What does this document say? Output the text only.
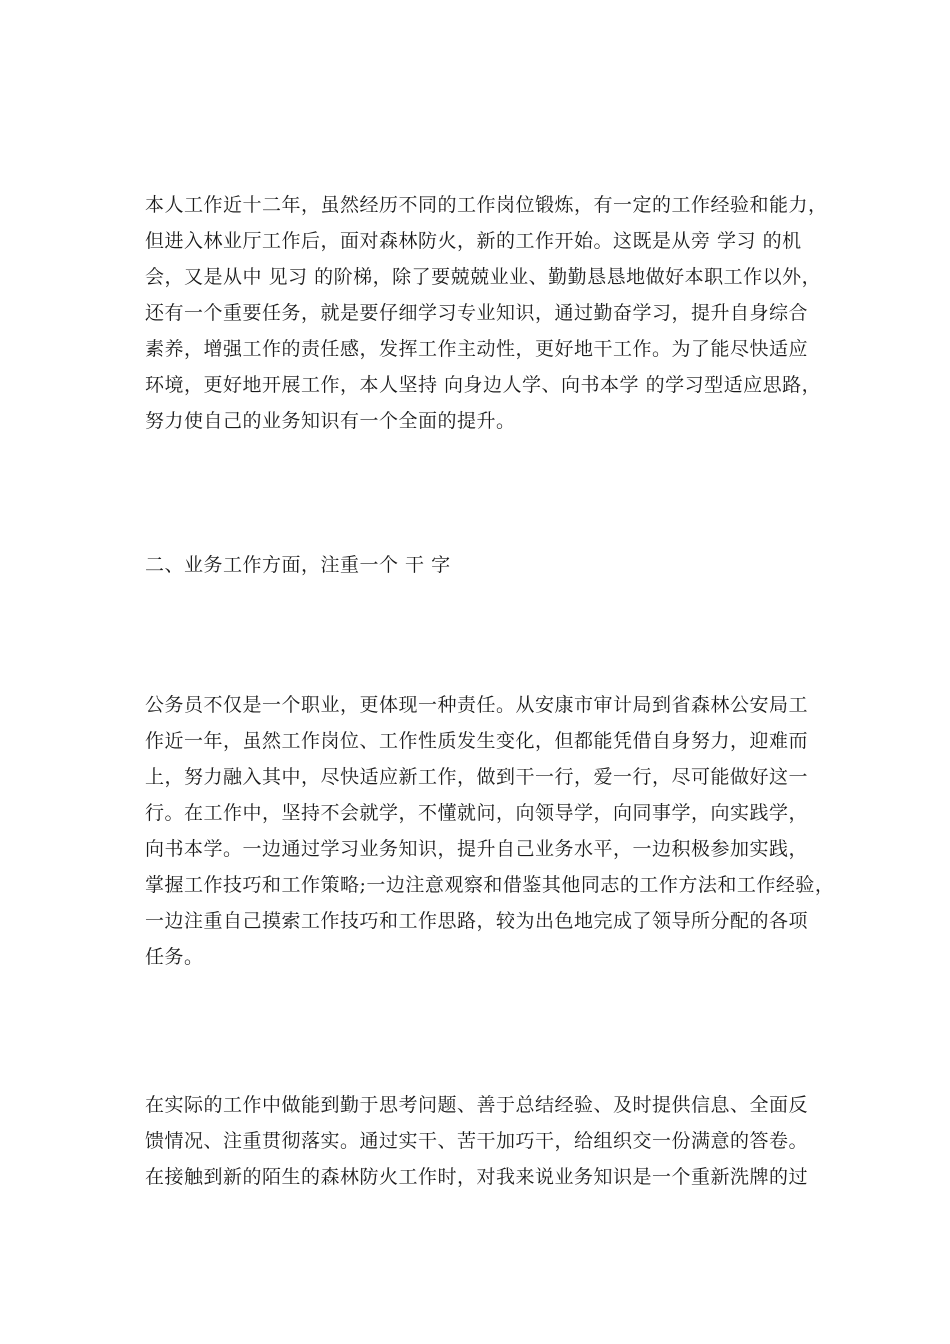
本人工作近十二年，虽然经历不同的工作岗位锻炼，有一定的工作经验和能力，
但进入林业厅工作后，面对森林防火，新的工作开始。这既是从旁 学习 的机
会，又是从中 见习 的阶梯，除了要兢兢业业、勤勤恳恳地做好本职工作以外，
还有一个重要任务，就是要仔细学习专业知识，通过勤奋学习，提升自身综合
素养，增强工作的责任感，发挥工作主动性，更好地干工作。为了能尽快适应
环境，更好地开展工作，本人坚持 向身边人学、向书本学 的学习型适应思路，
努力使自己的业务知识有一个全面的提升。
二、业务工作方面，注重一个 干 字
公务员不仅是一个职业，更体现一种责任。从安康市审计局到省森林公安局工
作近一年，虽然工作岗位、工作性质发生变化，但都能凭借自身努力，迎难而
上，努力融入其中，尽快适应新工作，做到干一行，爱一行，尽可能做好这一
行。在工作中，坚持不会就学，不懂就问，向领导学，向同事学，向实践学，
向书本学。一边通过学习业务知识，提升自己业务水平，一边积极参加实践，
掌握工作技巧和工作策略;一边注意观察和借鉴其他同志的工作方法和工作经验，
一边注重自己摸索工作技巧和工作思路，较为出色地完成了领导所分配的各项
任务。
在实际的工作中做能到勤于思考问题、善于总结经验、及时提供信息、全面反
馈情况、注重贯彻落实。通过实干、苦干加巧干，给组织交一份满意的答卷。
在接触到新的陌生的森林防火工作时，对我来说业务知识是一个重新洗牌的过
